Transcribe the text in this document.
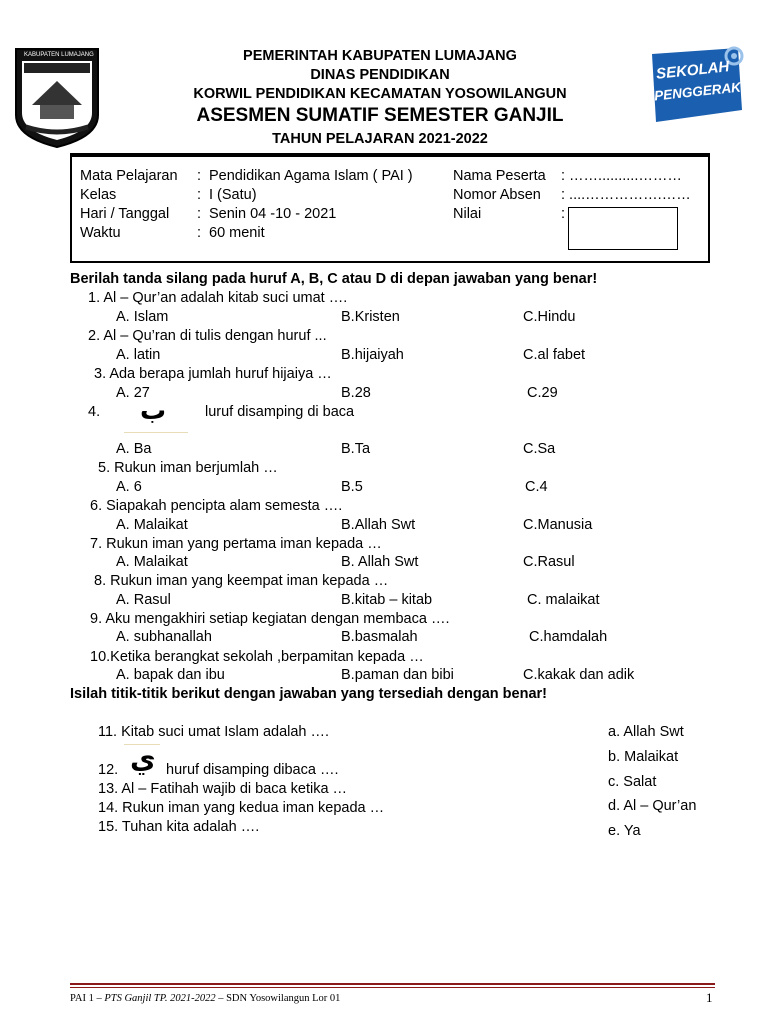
KABUPATEN LUMAJANG	PEMERINTAH KABUPATEN LUMAJANG
DINAS PENDIDIKAN
KORWIL PENDIDIKAN KECAMATAN YOSOWILANGUN
ASESMEN SUMATIF SEMESTER GANJIL
TAHUN PELAJARAN 2021-2022
SEKOLAH
PENGGERAK
Mata Pelajaran : Pendidikan Agama Islam ( PAI )
Kelas	: I (Satu)
Hari / Tanggal : Senin 04 -10 - 2021
Waktu	: 60 menit
Nama Peserta : ……..........………
Nomor Absen : ....…………….……
Nilai	:
Berilah tanda silang pada huruf A, B, C atau D di depan jawaban yang benar!
1. Al – Qur’an adalah kitab suci umat ….
A. Islam	B.Kristen	C.Hindu
2. Al – Qu’ran di tulis dengan huruf ...
A. latin	B.hijaiyah	C.al fabet
3. Ada berapa jumlah huruf hijaiya …
A. 27	B.28	C.29
4. ب	luruf disamping di baca
A. Ba	B.Ta	C.Sa
5. Rukun iman berjumlah …
A. 6	B.5	C.4
6. Siapakah pencipta alam semesta ….
A. Malaikat	B.Allah Swt	C.Manusia
7. Rukun iman yang pertama iman kepada …
A. Malaikat	B. Allah Swt	C.Rasul
8. Rukun iman yang keempat iman kepada …
A. Rasul	B.kitab – kitab	C. malaikat
9. Aku mengakhiri setiap kegiatan dengan membaca ….
A. subhanallah	B.basmalah	C.hamdalah
10.Ketika berangkat sekolah ,berpamitan kepada …
A. bapak dan ibu	B.paman dan bibi	C.kakak dan adik
Isilah titik-titik berikut dengan jawaban yang tersediah dengan benar!
11. Kitab suci umat Islam adalah ….
12. ي huruf disamping dibaca ….
13. Al – Fatihah wajib di baca ketika …
14. Rukun iman yang kedua iman kepada …
15. Tuhan kita adalah ….
a. Allah Swt
b. Malaikat
c. Salat
d. Al – Qur’an
e. Ya
PAI 1 – PTS Ganjil TP. 2021-2022 – SDN Yosowilangun Lor 01	1
